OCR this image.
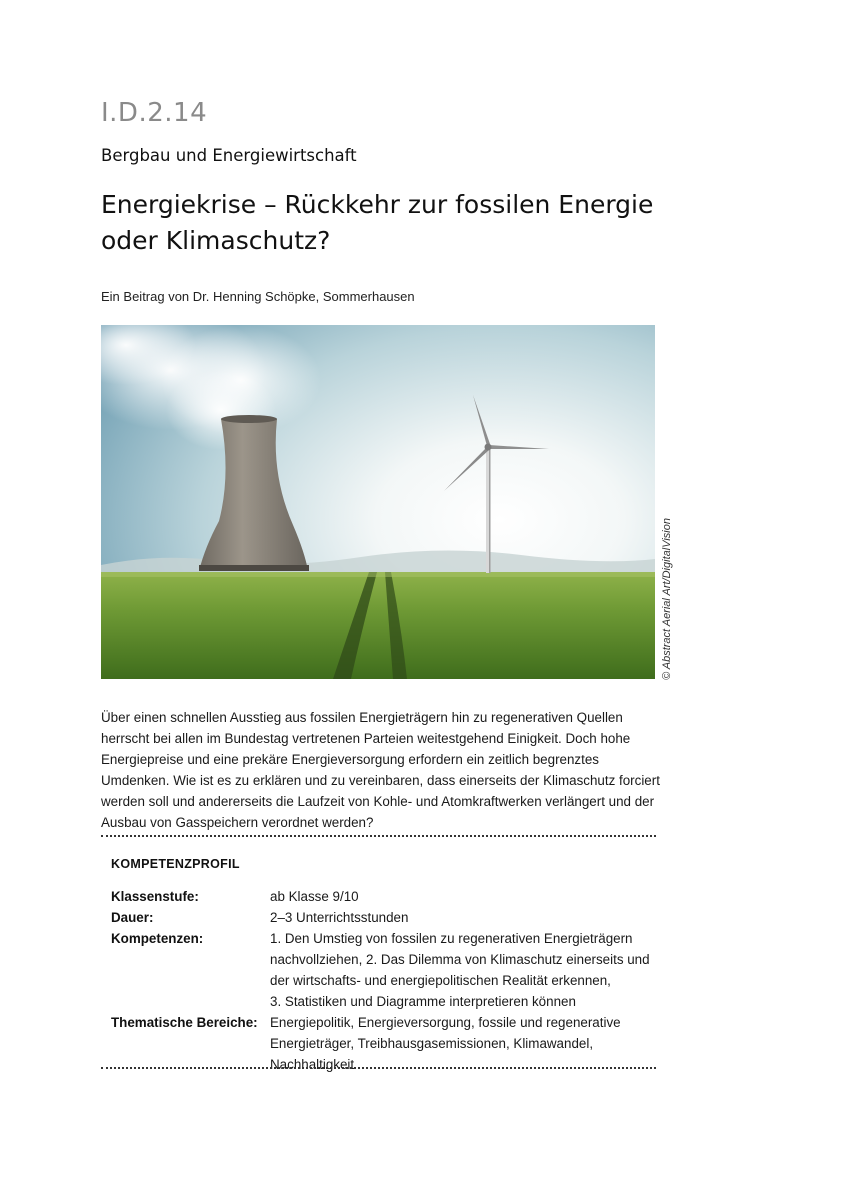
I.D.2.14
Bergbau und Energiewirtschaft
Energiekrise – Rückkehr zur fossilen Energie
oder Klimaschutz?
Ein Beitrag von Dr. Henning Schöpke, Sommerhausen
© Abstract Aerial Art/DigitalVision
Über einen schnellen Ausstieg aus fossilen Energieträgern hin zu regenerativen Quellen herrscht bei allen im Bundestag vertretenen Parteien weitestgehend Einigkeit. Doch hohe Energiepreise und eine prekäre Energieversorgung erfordern ein zeitlich begrenztes Umdenken. Wie ist es zu erklären und zu vereinbaren, dass einerseits der Klimaschutz forciert werden soll und andererseits die Laufzeit von Kohle- und Atomkraftwerken verlängert und der Ausbau von Gasspeichern verordnet werden?
KOMPETENZPROFIL
Klassenstufe:	ab Klasse 9/10
Dauer:	2–3 Unterrichtsstunden
Kompetenzen:	1. Den Umstieg von fossilen zu regenerativen Energieträgern nachvollziehen, 2. Das Dilemma von Klimaschutz einerseits und der wirtschafts- und energiepolitischen Realität erkennen,
3. Statistiken und Diagramme interpretieren können
Thematische Bereiche: Energiepolitik, Energieversorgung, fossile und regenerative Energieträger, Treibhausgasemissionen, Klimawandel, Nachhaltigkeit
